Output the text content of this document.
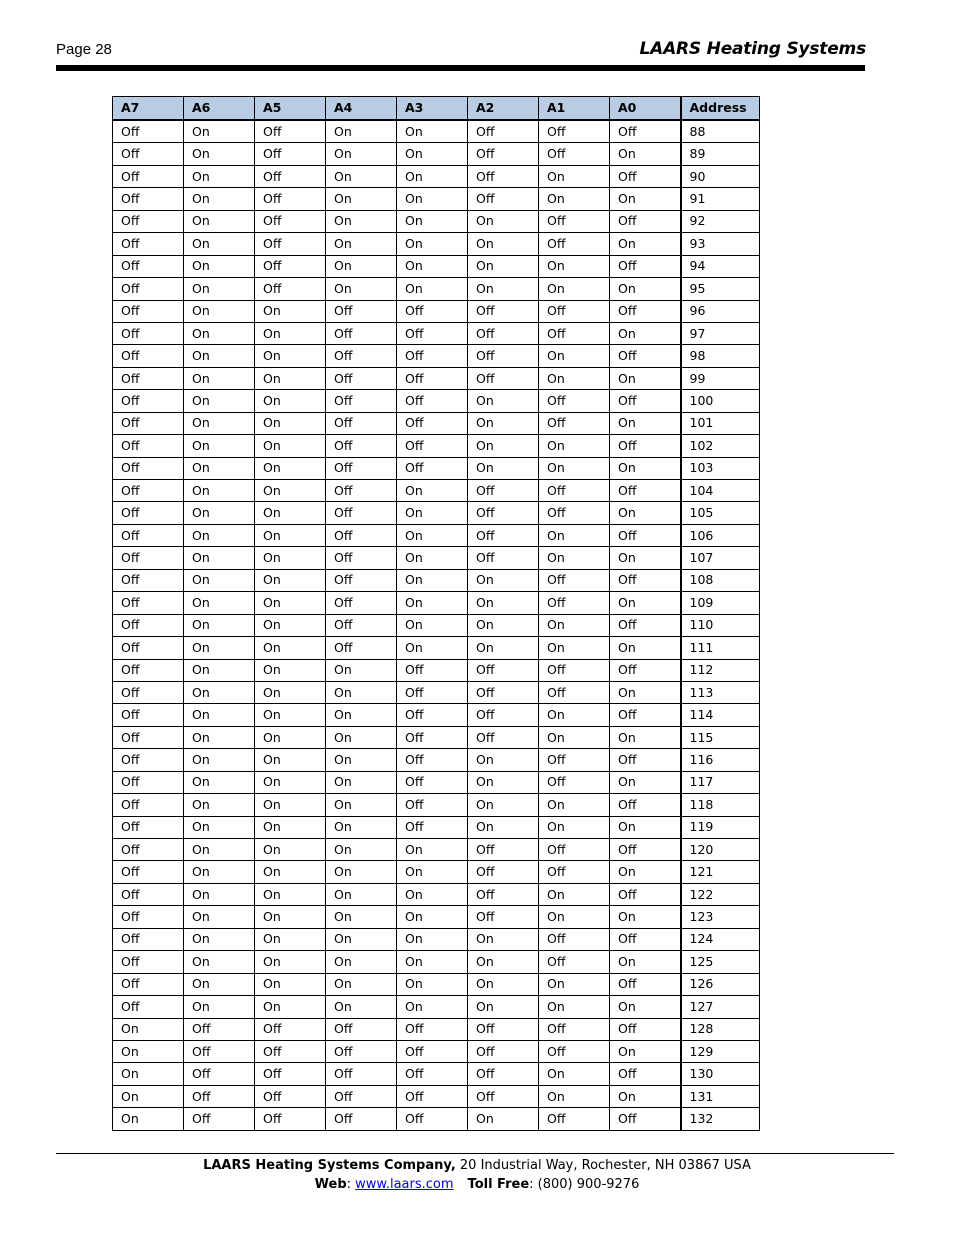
Page 28	LAARS Heating Systems
A7	A6	A5	A4	A3	A2	A1	A0	Address
Off	On	Off	On	On	Off	Off	Off	88
Off	On	Off	On	On	Off	Off	On	89
Off	On	Off	On	On	Off	On	Off	90
Off	On	Off	On	On	Off	On	On	91
Off	On	Off	On	On	On	Off	Off	92
Off	On	Off	On	On	On	Off	On	93
Off	On	Off	On	On	On	On	Off	94
Off	On	Off	On	On	On	On	On	95
Off	On	On	Off	Off	Off	Off	Off	96
Off	On	On	Off	Off	Off	Off	On	97
Off	On	On	Off	Off	Off	On	Off	98
Off	On	On	Off	Off	Off	On	On	99
Off	On	On	Off	Off	On	Off	Off	100
Off	On	On	Off	Off	On	Off	On	101
Off	On	On	Off	Off	On	On	Off	102
Off	On	On	Off	Off	On	On	On	103
Off	On	On	Off	On	Off	Off	Off	104
Off	On	On	Off	On	Off	Off	On	105
Off	On	On	Off	On	Off	On	Off	106
Off	On	On	Off	On	Off	On	On	107
Off	On	On	Off	On	On	Off	Off	108
Off	On	On	Off	On	On	Off	On	109
Off	On	On	Off	On	On	On	Off	110
Off	On	On	Off	On	On	On	On	111
Off	On	On	On	Off	Off	Off	Off	112
Off	On	On	On	Off	Off	Off	On	113
Off	On	On	On	Off	Off	On	Off	114
Off	On	On	On	Off	Off	On	On	115
Off	On	On	On	Off	On	Off	Off	116
Off	On	On	On	Off	On	Off	On	117
Off	On	On	On	Off	On	On	Off	118
Off	On	On	On	Off	On	On	On	119
Off	On	On	On	On	Off	Off	Off	120
Off	On	On	On	On	Off	Off	On	121
Off	On	On	On	On	Off	On	Off	122
Off	On	On	On	On	Off	On	On	123
Off	On	On	On	On	On	Off	Off	124
Off	On	On	On	On	On	Off	On	125
Off	On	On	On	On	On	On	Off	126
Off	On	On	On	On	On	On	On	127
On	Off	Off	Off	Off	Off	Off	Off	128
On	Off	Off	Off	Off	Off	Off	On	129
On	Off	Off	Off	Off	Off	On	Off	130
On	Off	Off	Off	Off	Off	On	On	131
On	Off	Off	Off	Off	On	Off	Off	132
LAARS Heating Systems Company, 20 Industrial Way, Rochester, NH 03867 USA
Web: www.laars.com Toll Free: (800) 900-9276
